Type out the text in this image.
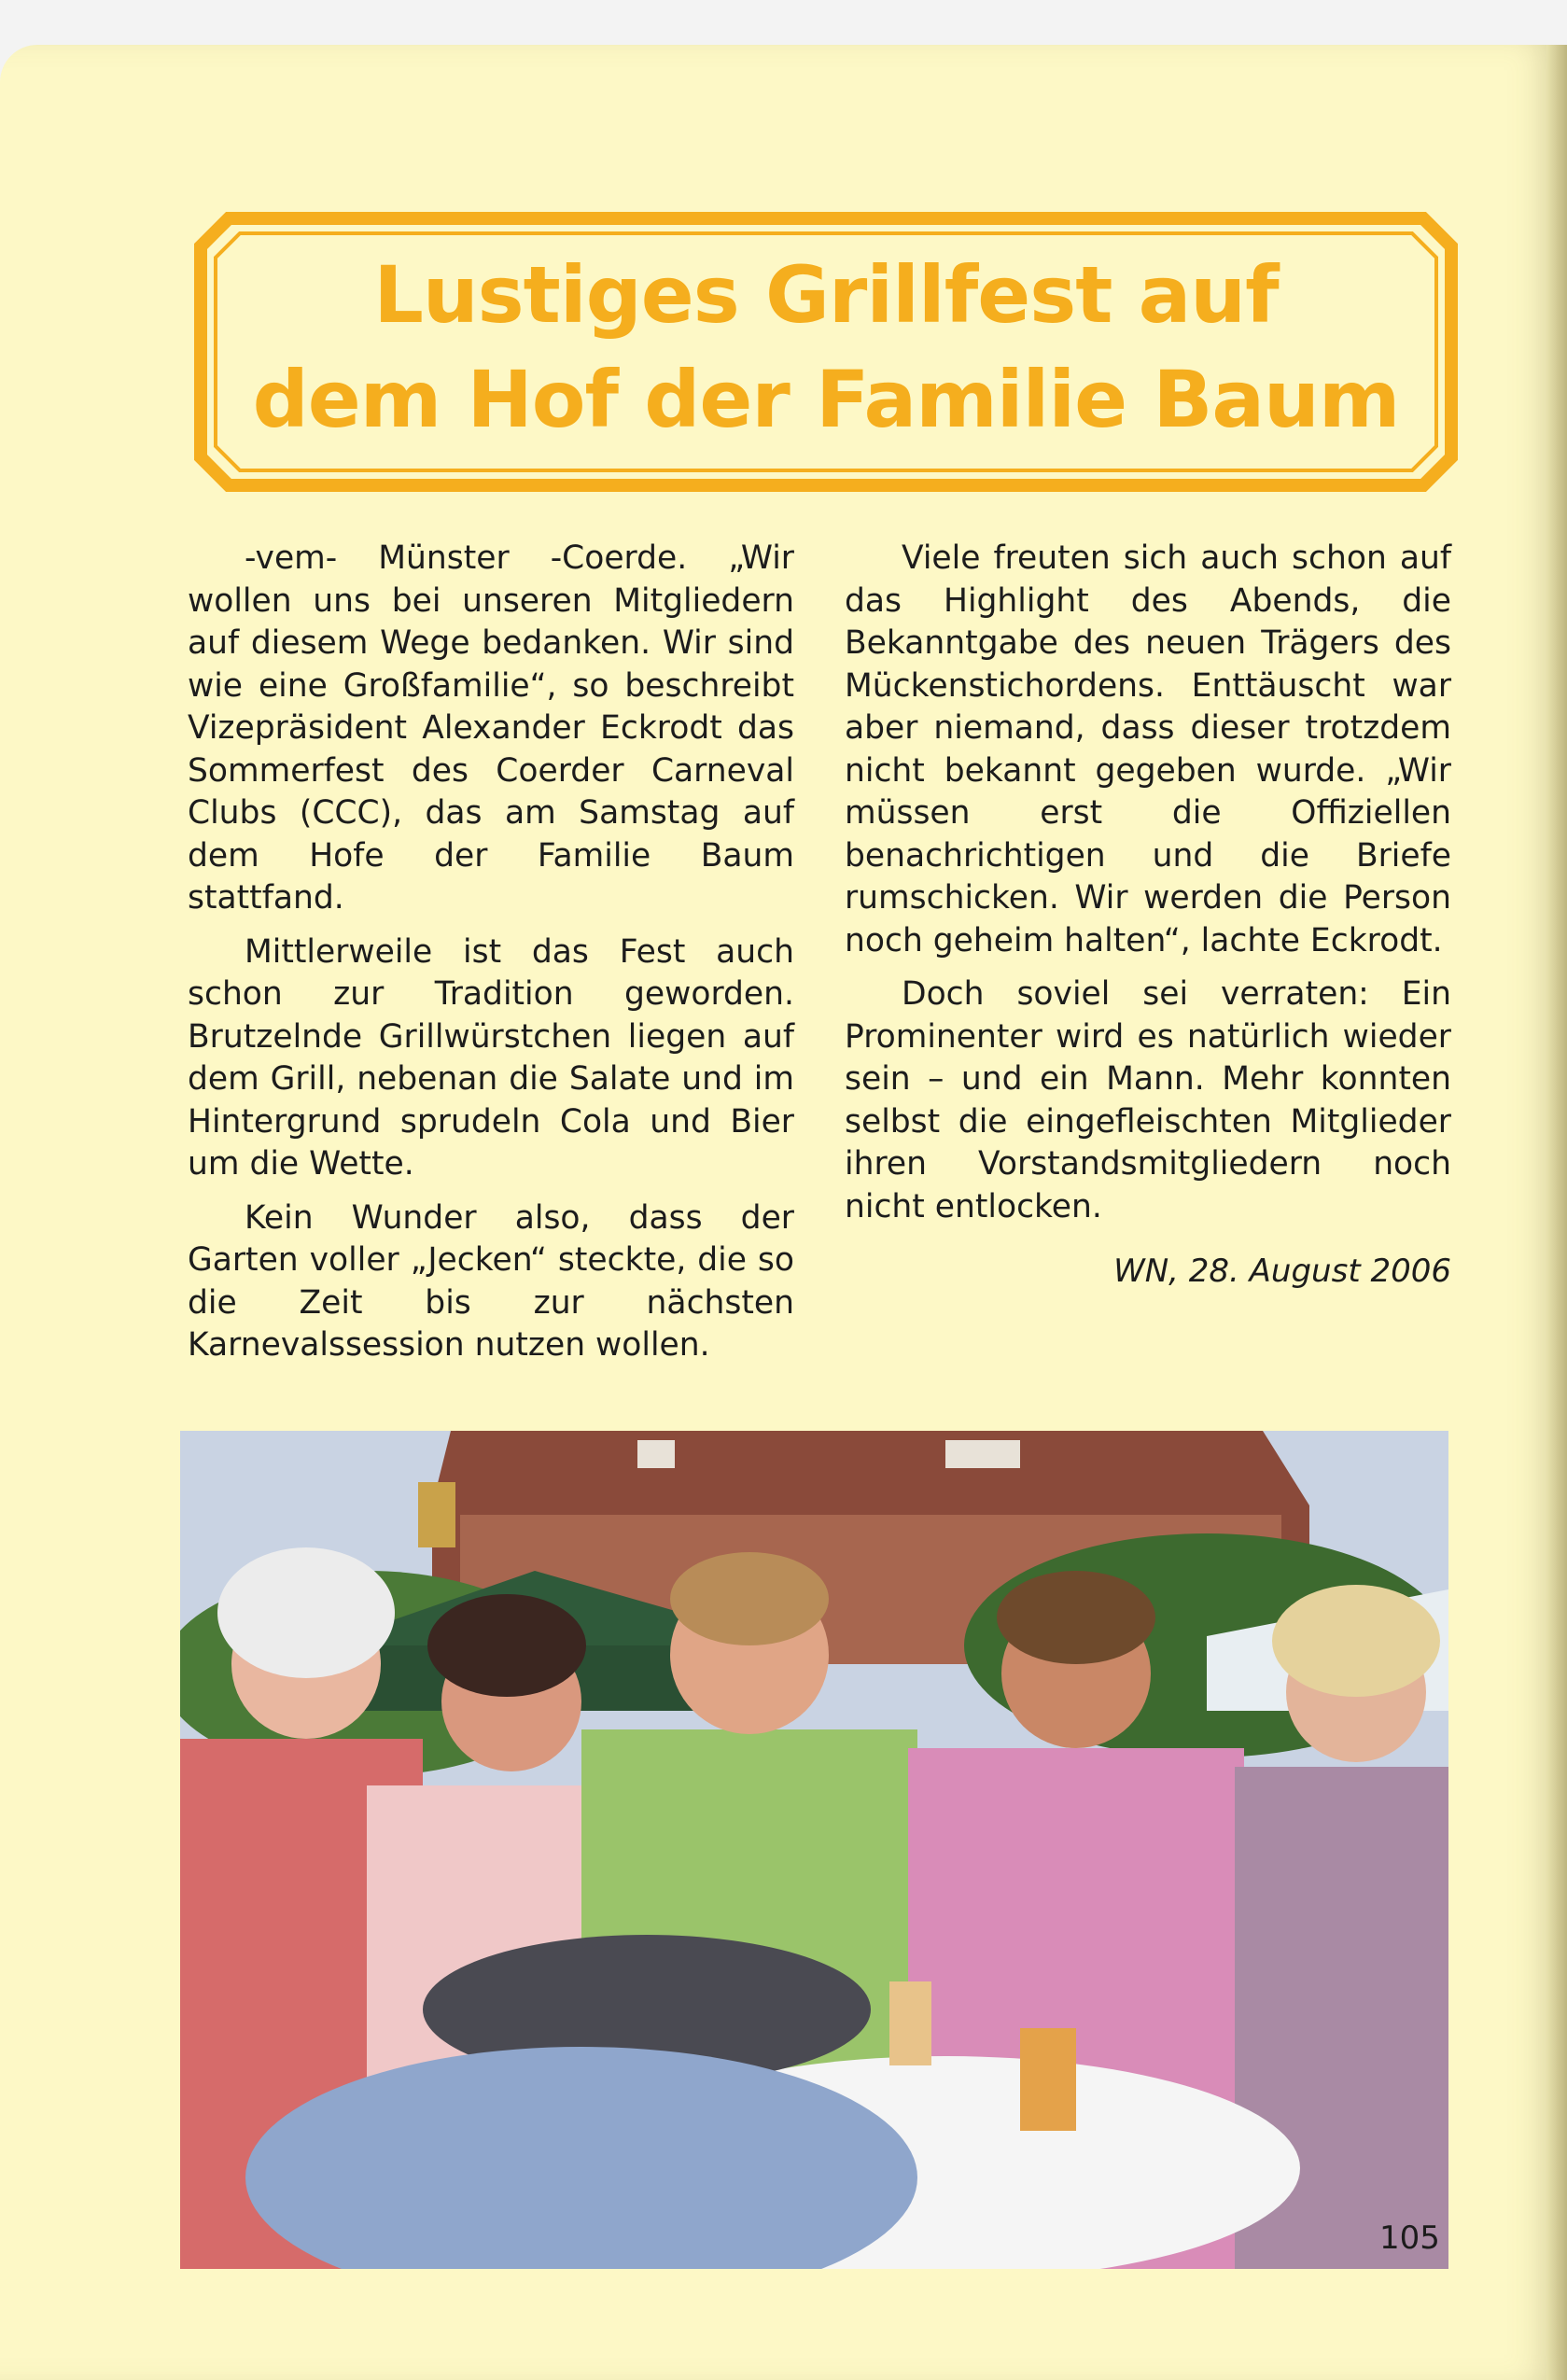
Lustiges Grillfest auf
dem Hof der Familie Baum

-vem- Münster -Coerde. „Wir wollen uns bei unseren Mitgliedern auf diesem Wege bedanken. Wir sind wie eine Großfamilie“, so beschreibt Vizepräsident Alexander Eckrodt das Sommerfest des Coerder Carneval Clubs (CCC), das am Samstag auf dem Hofe der Familie Baum stattfand.

Mittlerweile ist das Fest auch schon zur Tradition geworden. Brutzelnde Grillwürstchen liegen auf dem Grill, nebenan die Salate und im Hintergrund sprudeln Cola und Bier um die Wette.

Kein Wunder also, dass der Garten voller „Jecken“ steckte, die so die Zeit bis zur nächsten Karnevalssession nutzen wollen.

Viele freuten sich auch schon auf das Highlight des Abends, die Bekanntgabe des neuen Trägers des Mückenstichordens. Enttäuscht war aber niemand, dass dieser trotzdem nicht bekannt gegeben wurde. „Wir müssen erst die Offiziellen benachrichtigen und die Briefe rumschicken. Wir werden die Person noch geheim halten“, lachte Eckrodt.

Doch soviel sei verraten: Ein Prominenter wird es natürlich wieder sein – und ein Mann. Mehr konnten selbst die eingefleischten Mitglieder ihren Vorstandsmitgliedern noch nicht entlocken.

WN, 28. August 2006
105
